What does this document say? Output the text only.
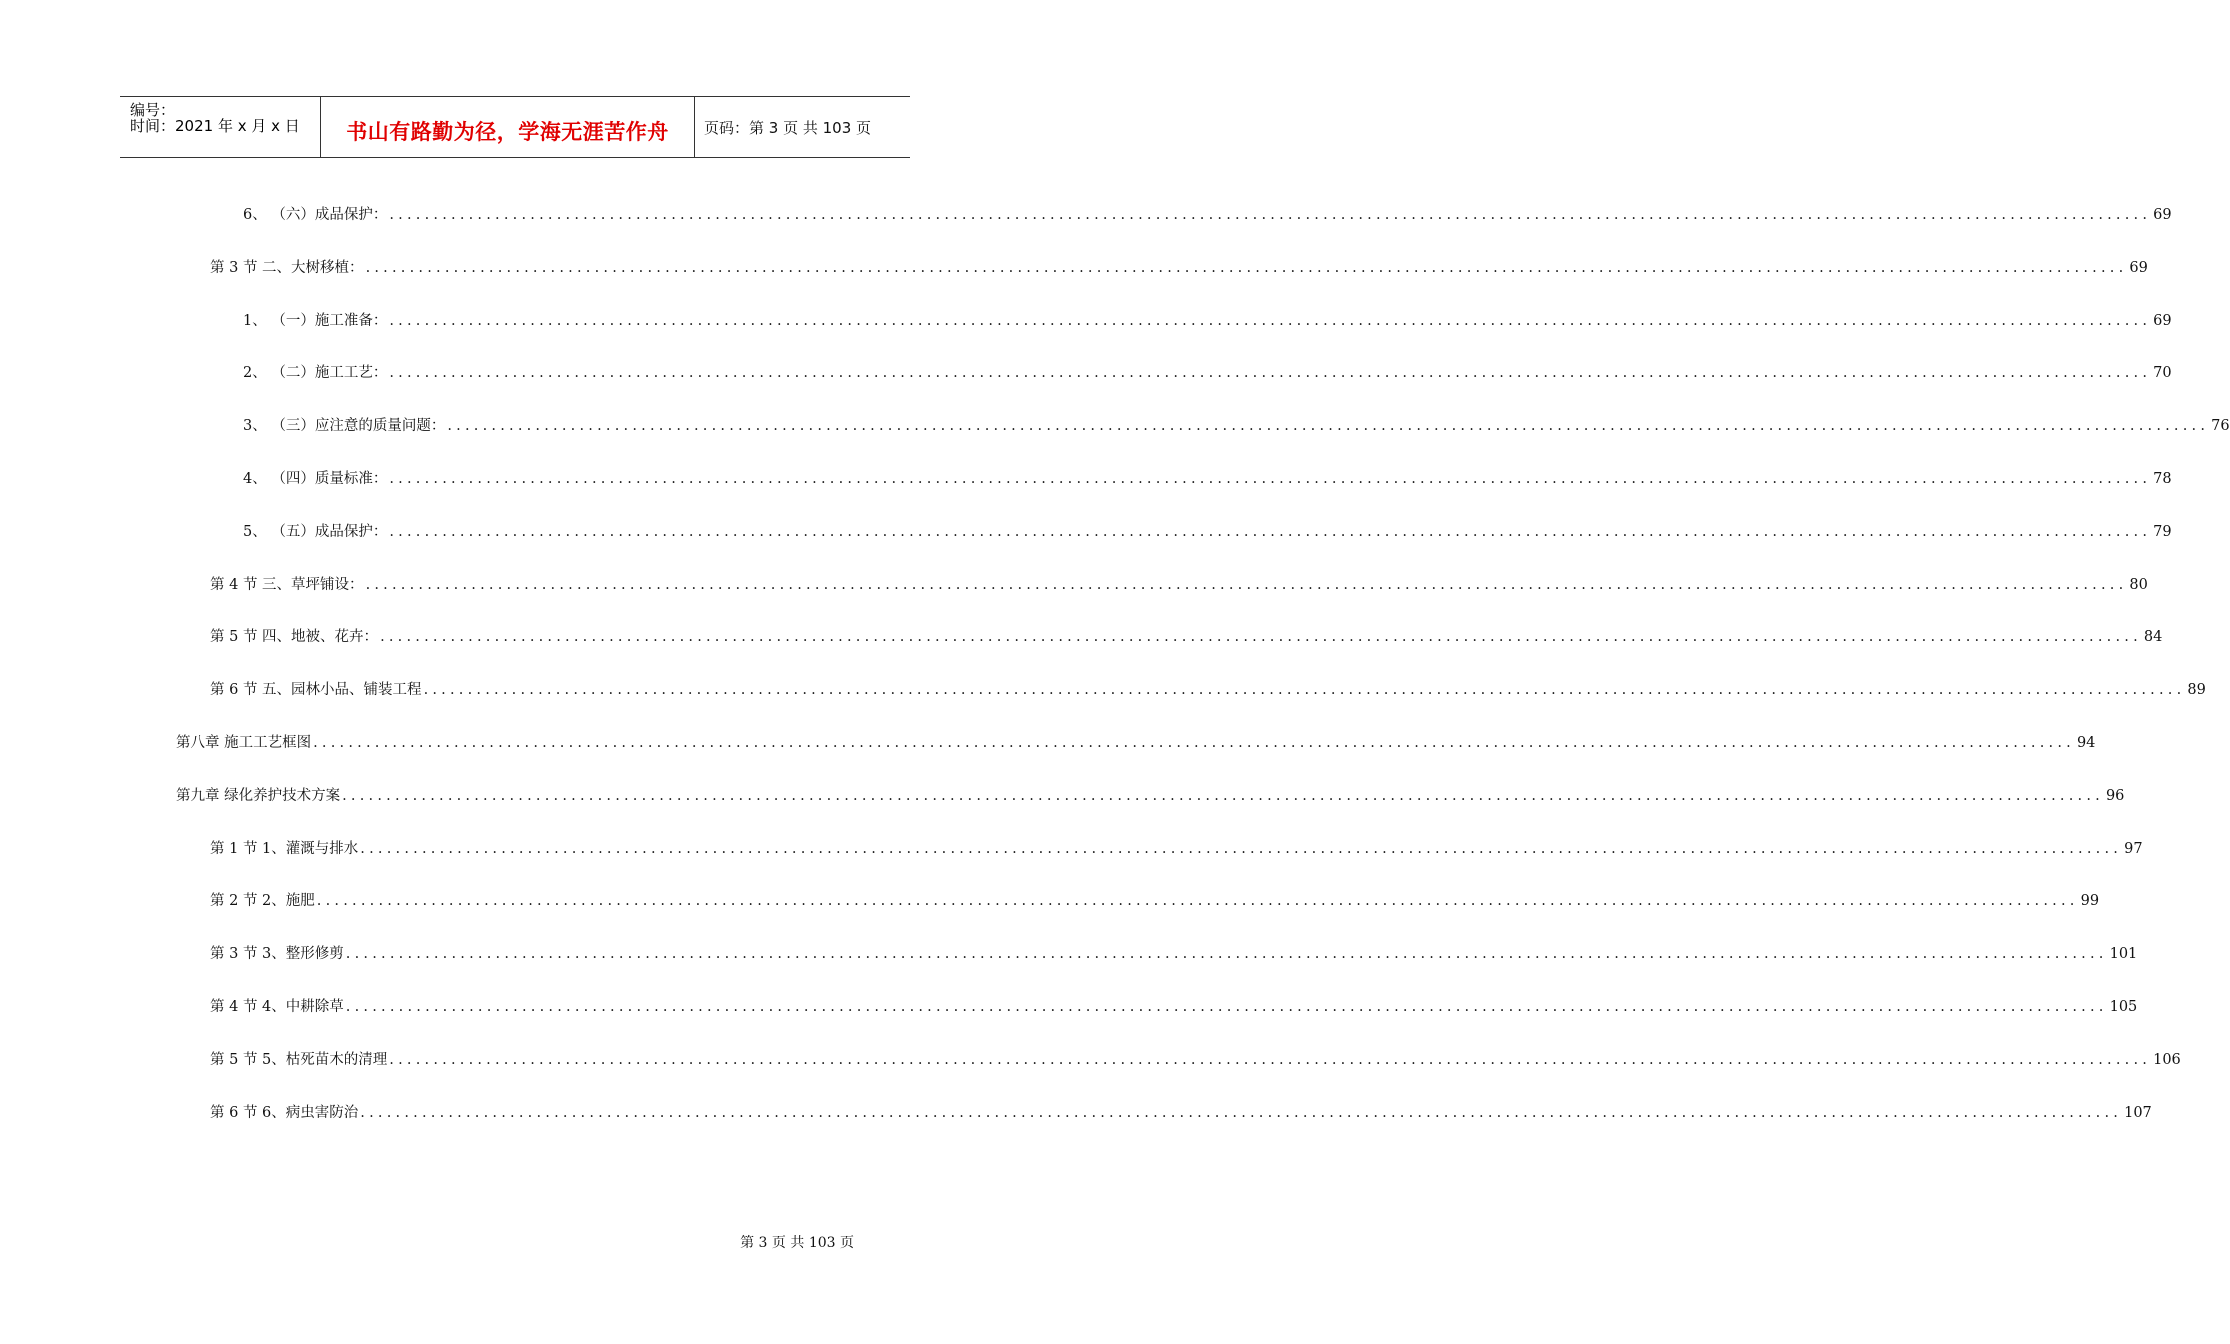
编号：
时间：2021 年 x 月 x 日	书山有路勤为径，学海无涯苦作舟	页码：第 3 页 共 103 页
6、 （六）成品保护： ........................................................................................................................................................................................................ 69
第 3 节 二、大树移植： ........................................................................................................................................................................................................ 69
1、 （一）施工准备： ........................................................................................................................................................................................................ 69
2、 （二）施工工艺： ........................................................................................................................................................................................................ 70
3、 （三）应注意的质量问题： ........................................................................................................................................................................................................ 76
4、 （四）质量标准： ........................................................................................................................................................................................................ 78
5、 （五）成品保护： ........................................................................................................................................................................................................ 79
第 4 节 三、草坪铺设： ........................................................................................................................................................................................................ 80
第 5 节 四、地被、花卉： ........................................................................................................................................................................................................ 84
第 6 节 五、园林小品、铺装工程 ........................................................................................................................................................................................................ 89
第八章 施工工艺框图 ........................................................................................................................................................................................................ 94
第九章 绿化养护技术方案 ........................................................................................................................................................................................................ 96
第 1 节 1、灌溉与排水 ........................................................................................................................................................................................................ 97
第 2 节 2、施肥 ........................................................................................................................................................................................................ 99
第 3 节 3、整形修剪 ........................................................................................................................................................................................................ 101
第 4 节 4、中耕除草 ........................................................................................................................................................................................................ 105
第 5 节 5、枯死苗木的清理 ........................................................................................................................................................................................................ 106
第 6 节 6、病虫害防治 ........................................................................................................................................................................................................ 107
第 3 页 共 103 页
